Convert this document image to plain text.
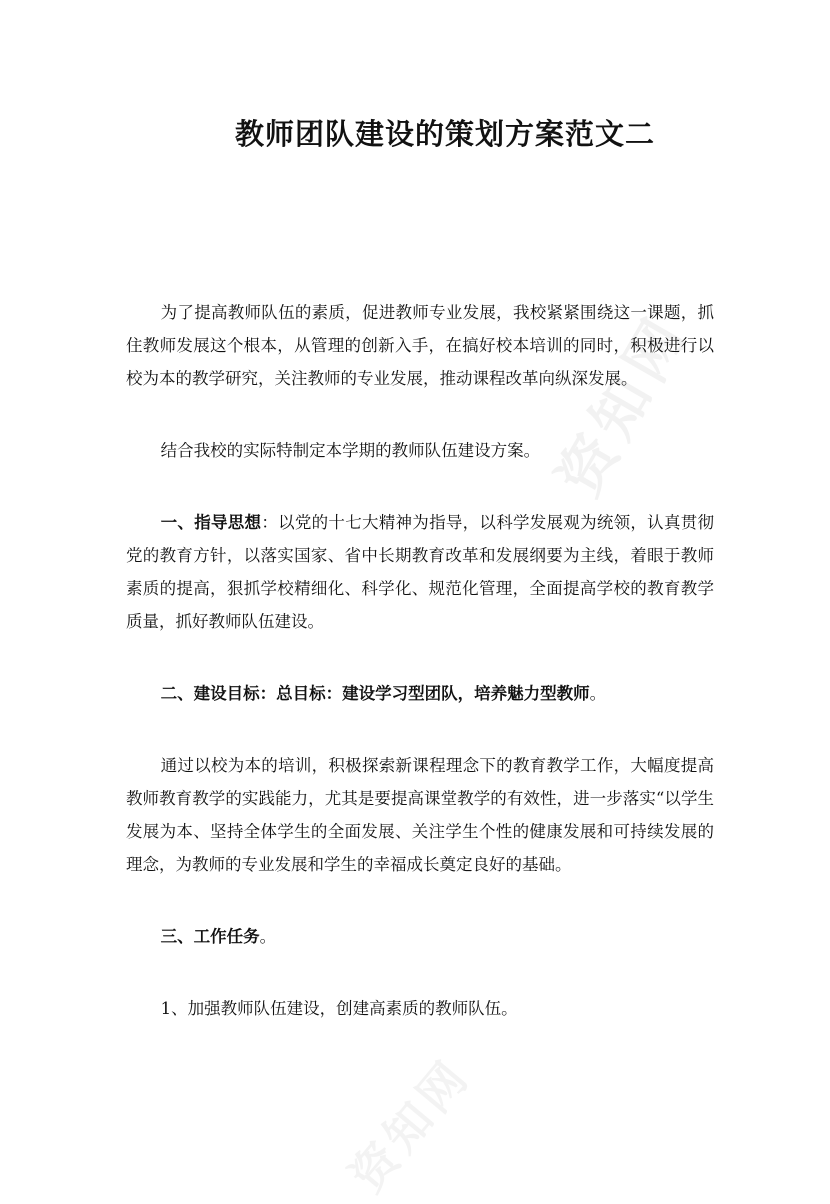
资知网
资知网
教师团队建设的策划方案范文二

为了提高教师队伍的素质，促进教师专业发展，我校紧紧围绕这一课题，抓住教师发展这个根本，从管理的创新入手，在搞好校本培训的同时，积极进行以校为本的教学研究，关注教师的专业发展，推动课程改革向纵深发展。

结合我校的实际特制定本学期的教师队伍建设方案。

一、指导思想：以党的十七大精神为指导，以科学发展观为统领，认真贯彻党的教育方针，以落实国家、省中长期教育改革和发展纲要为主线，着眼于教师素质的提高，狠抓学校精细化、科学化、规范化管理，全面提高学校的教育教学质量，抓好教师队伍建设。

二、建设目标：总目标：建设学习型团队，培养魅力型教师。

通过以校为本的培训，积极探索新课程理念下的教育教学工作，大幅度提高教师教育教学的实践能力，尤其是要提高课堂教学的有效性，进一步落实“以学生发展为本、坚持全体学生的全面发展、关注学生个性的健康发展和可持续发展的理念，为教师的专业发展和学生的幸福成长奠定良好的基础。

三、工作任务。

1、加强教师队伍建设，创建高素质的教师队伍。
